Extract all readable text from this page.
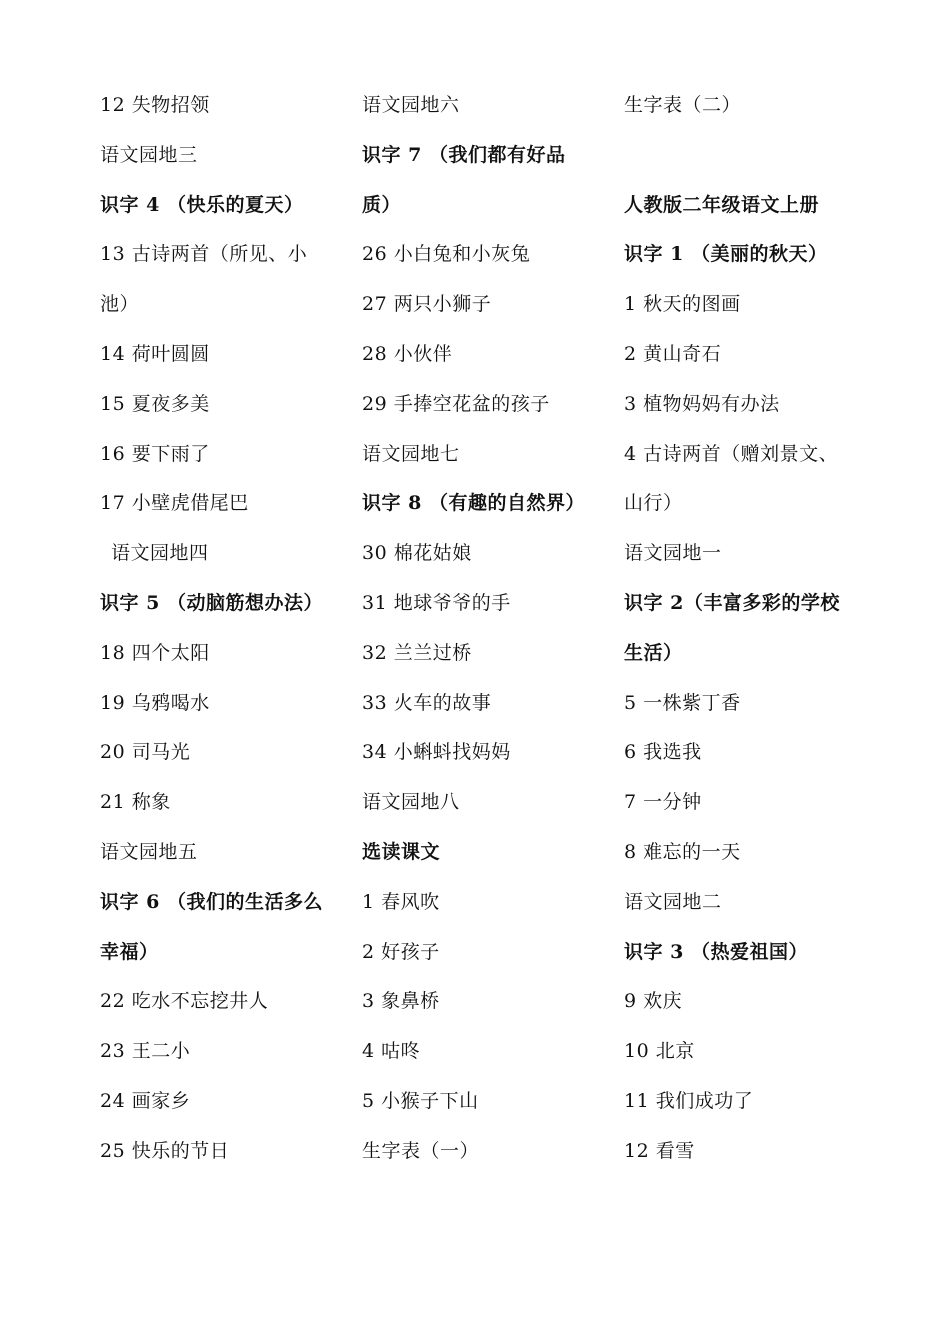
12 失物招领
语文园地三
识字 4 （快乐的夏天）
13 古诗两首（所见、小
池）
14 荷叶圆圆
15 夏夜多美
16 要下雨了
17 小壁虎借尾巴
语文园地四
识字 5 （动脑筋想办法）
18 四个太阳
19 乌鸦喝水
20 司马光
21 称象
语文园地五
识字 6 （我们的生活多么
幸福）
22 吃水不忘挖井人
23 王二小
24 画家乡
25 快乐的节日
语文园地六
识字 7 （我们都有好品
质）
26 小白兔和小灰兔
27 两只小狮子
28 小伙伴
29 手捧空花盆的孩子
语文园地七
识字 8 （有趣的自然界）
30 棉花姑娘
31 地球爷爷的手
32 兰兰过桥
33 火车的故事
34 小蝌蚪找妈妈
语文园地八
选读课文
1 春风吹
2 好孩子
3 象鼻桥
4 咕咚
5 小猴子下山
生字表（一）
生字表（二）
人教版二年级语文上册
识字 1 （美丽的秋天）
1 秋天的图画
2 黄山奇石
3 植物妈妈有办法
4 古诗两首（赠刘景文、
山行）
语文园地一
识字 2（丰富多彩的学校
生活）
5 一株紫丁香
6 我选我
7 一分钟
8 难忘的一天
语文园地二
识字 3 （热爱祖国）
9 欢庆
10 北京
11 我们成功了
12 看雪
